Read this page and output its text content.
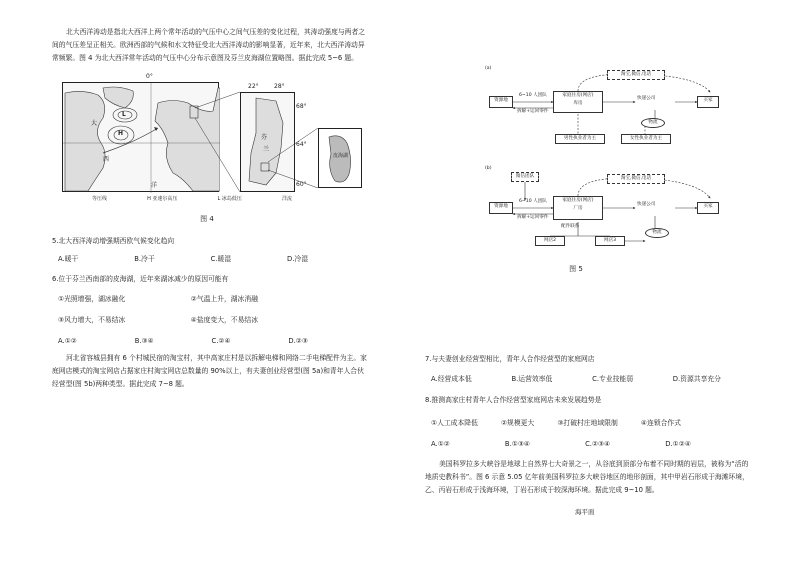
北大西洋涛动是指北大西洋上两个常年活动的气压中心之间气压差的变化过程，其涛动强度与两者之间的气压差呈正相关。欧洲西部的气候和水文特征受北大西洋涛动的影响显著，近年来，北大西洋涛动异常频繁。图 4 为北大西洋常年活动的气压中心分布示意图及芬兰皮海湖位置略图。据此完成 5~6 题。

大
西
洋
H
L
0°
芬
兰
22°	28°
68°
64°
60°
皮海湖
等压线	H 亚速尔高压	L 冰岛低压	洋流
图 4

5.北大西洋涛动增强期西欧气候变化趋向

A.暖干	B.冷干	C.暖湿	D.冷湿

6.位于芬兰西南部的皮海湖，近年来湖冰减少的原因可能有

①光照增强，湖冰融化	②气温上升，湖冰消融
③风力增大，不易结冰	④盐度变大，不易结冰
A.①②	B.③④	C.②④	D.②③

河北省容城县拥有 6 个村城民宿的淘宝村，其中高家庄村是以拆解电梯和网络二手电梯配件为主。家庭网店模式的淘宝网店占据家庄村淘宝网店总数量的 90%以上，有夫妻创业经营型(图 5a)和青年人合伙经营型(图 5b)两种类型。据此完成 7~8 题。

(a)
资源地
6~10 人团队
拆解+运回零件
家庭住房(网店)
库房
淘宝,微信,电话
快递公司	买家
物流
男性执业者为主	女性执业者为主
(b)
微信团队
资源地
6~10 人团队
拆解+运回零件
家庭住房(网店)
厂房
淘宝,微信,电话
快递公司	买家
配件联系
网店2	网店3
物流
图 5

7.与夫妻创业经营型相比，青年人合作经营型的家庭网店

A.经营成本低	B.运营效率低	C.专业技能弱	D.资源共享充分

8.推测高家庄村青年人合作经营型家庭网店未来发展趋势是

①人工成本降低	②规模更大	③打破村庄地域限制	④连锁合作式
A.①②	B.①③④	C.②③④	D.①②④

美国科罗拉多大峡谷是地球上自然界七大奇景之一，从谷底到顶部分布着不同时期的岩层，被称为“活的地质史教科书”。图 6 示意 5.05 亿年前美国科罗拉多大峡谷地区的地形剖面，其中甲岩石形成于海滩环境，乙、丙岩石形成于浅海环境，丁岩石形成于较深海环境。据此完成 9~10 题。

海平面
